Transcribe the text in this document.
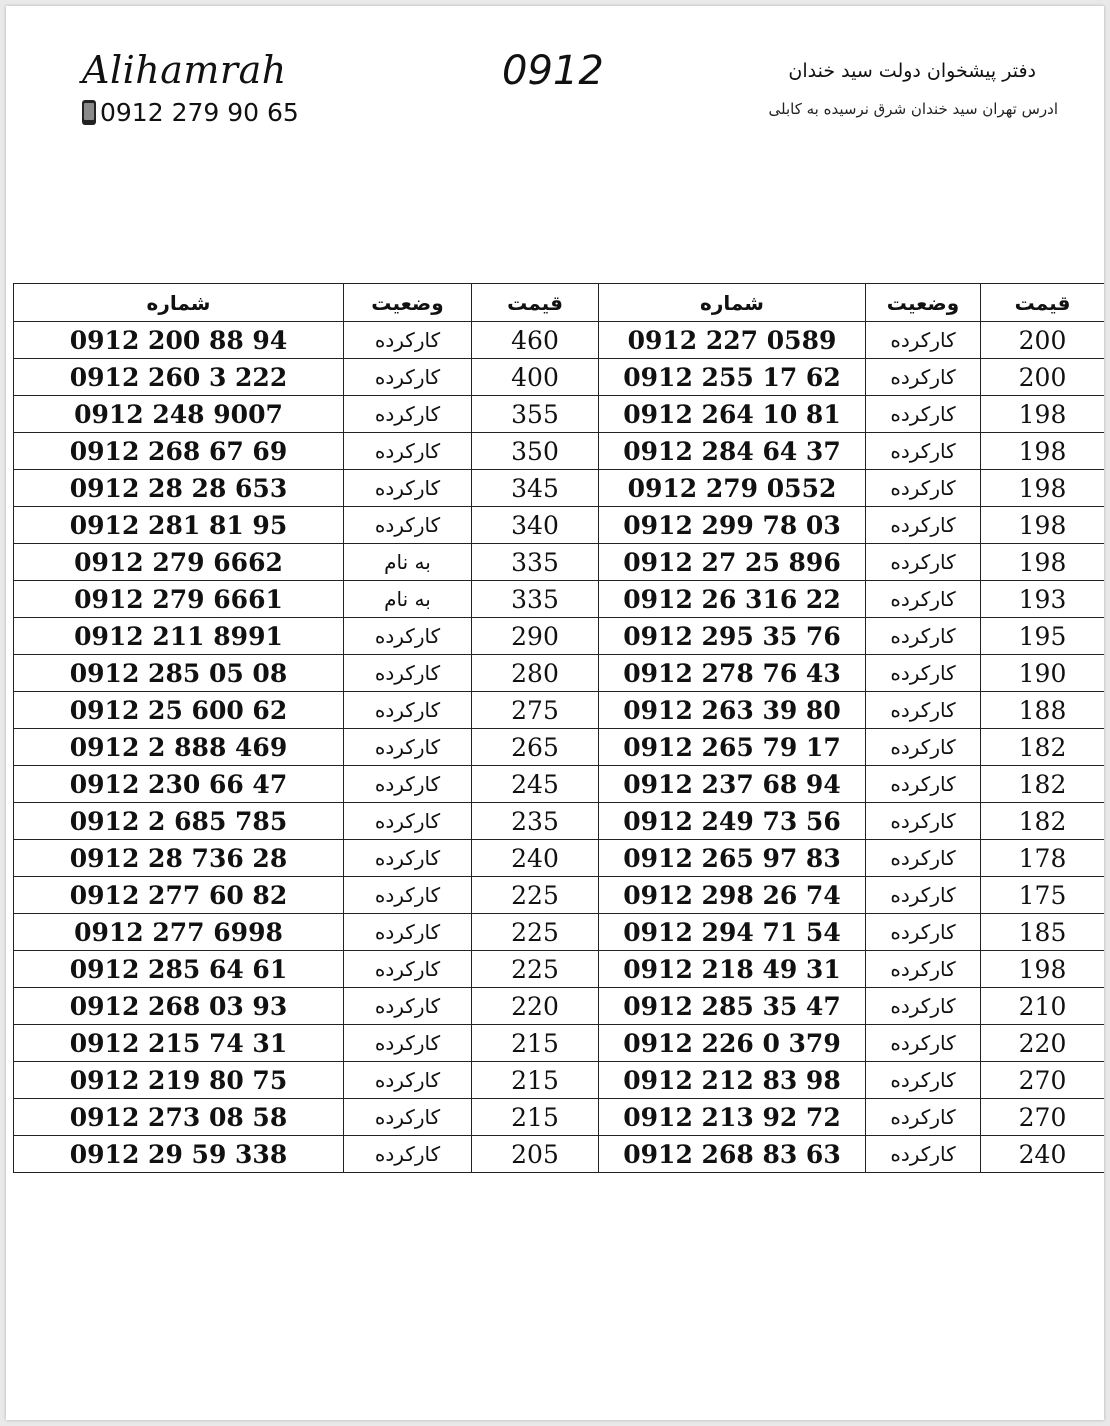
Alihamrah
0912 279 90 65
0912	دفتر پیشخوان دولت سید خندان
ادرس تهران سید خندان شرق نرسیده به کابلی
شماره	وضعیت	قیمت	شماره	وضعیت	قیمت
0912 200 88 94	کارکرده	460	0912 227 0589	کارکرده	200
0912 260 3 222	کارکرده	400	0912 255 17 62	کارکرده	200
0912 248 9007	کارکرده	355	0912 264 10 81	کارکرده	198
0912 268 67 69	کارکرده	350	0912 284 64 37	کارکرده	198
0912 28 28 653	کارکرده	345	0912 279 0552	کارکرده	198
0912 281 81 95	کارکرده	340	0912 299 78 03	کارکرده	198
0912 279 6662	به نام	335	0912 27 25 896	کارکرده	198
0912 279 6661	به نام	335	0912 26 316 22	کارکرده	193
0912 211 8991	کارکرده	290	0912 295 35 76	کارکرده	195
0912 285 05 08	کارکرده	280	0912 278 76 43	کارکرده	190
0912 25 600 62	کارکرده	275	0912 263 39 80	کارکرده	188
0912 2 888 469	کارکرده	265	0912 265 79 17	کارکرده	182
0912 230 66 47	کارکرده	245	0912 237 68 94	کارکرده	182
0912 2 685 785	کارکرده	235	0912 249 73 56	کارکرده	182
0912 28 736 28	کارکرده	240	0912 265 97 83	کارکرده	178
0912 277 60 82	کارکرده	225	0912 298 26 74	کارکرده	175
0912 277 6998	کارکرده	225	0912 294 71 54	کارکرده	185
0912 285 64 61	کارکرده	225	0912 218 49 31	کارکرده	198
0912 268 03 93	کارکرده	220	0912 285 35 47	کارکرده	210
0912 215 74 31	کارکرده	215	0912 226 0 379	کارکرده	220
0912 219 80 75	کارکرده	215	0912 212 83 98	کارکرده	270
0912 273 08 58	کارکرده	215	0912 213 92 72	کارکرده	270
0912 29 59 338	کارکرده	205	0912 268 83 63	کارکرده	240
